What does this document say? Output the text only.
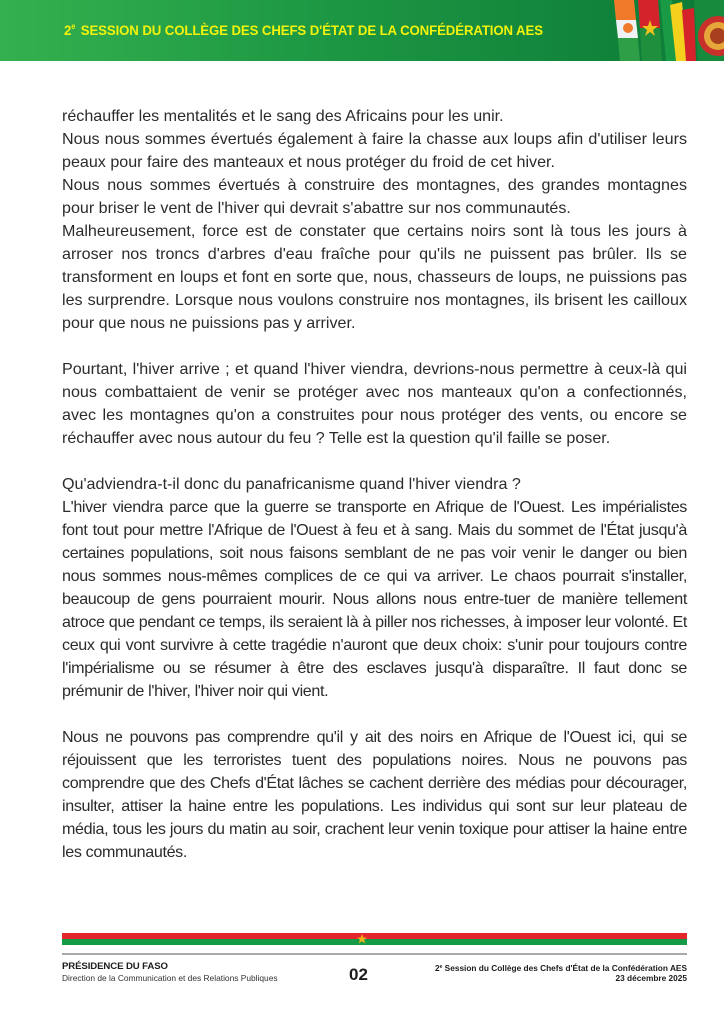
2e SESSION DU COLLÈGE DES CHEFS D'ÉTAT DE LA CONFÉDÉRATION AES

réchauffer les mentalités et le sang des Africains pour les unir.

Nous nous sommes évertués également à faire la chasse aux loups afin d'utiliser leurs peaux pour faire des manteaux et nous protéger du froid de cet hiver.

Nous nous sommes évertués à construire des montagnes, des grandes montagnes pour briser le vent de l'hiver qui devrait s'abattre sur nos communautés.

Malheureusement, force est de constater que certains noirs sont là tous les jours à arroser nos troncs d'arbres d'eau fraîche pour qu'ils ne puissent pas brûler. Ils se transforment en loups et font en sorte que, nous, chasseurs de loups, ne puissions pas les surprendre. Lorsque nous voulons construire nos montagnes, ils brisent les cailloux pour que nous ne puissions pas y arriver.

Pourtant, l'hiver arrive ; et quand l'hiver viendra, devrions-nous permettre à ceux-là qui nous combattaient de venir se protéger avec nos manteaux qu'on a confectionnés, avec les montagnes qu'on a construites pour nous protéger des vents, ou encore se réchauffer avec nous autour du feu ? Telle est la question qu'il faille se poser.

Qu'adviendra-t-il donc du panafricanisme quand l'hiver viendra ?

L'hiver viendra parce que la guerre se transporte en Afrique de l'Ouest. Les impérialistes font tout pour mettre l'Afrique de l'Ouest à feu et à sang. Mais du sommet de l'État jusqu'à certaines populations, soit nous faisons semblant de ne pas voir venir le danger ou bien nous sommes nous-mêmes complices de ce qui va arriver. Le chaos pourrait s'installer, beaucoup de gens pourraient mourir. Nous allons nous entre-tuer de manière tellement atroce que pendant ce temps, ils seraient là à piller nos richesses, à imposer leur volonté. Et ceux qui vont survivre à cette tragédie n'auront que deux choix: s'unir pour toujours contre l'impérialisme ou se résumer à être des esclaves jusqu'à disparaître. Il faut donc se prémunir de l'hiver, l'hiver noir qui vient.

Nous ne pouvons pas comprendre qu'il y ait des noirs en Afrique de l'Ouest ici, qui se réjouissent que les terroristes tuent des populations noires. Nous ne pouvons pas comprendre que des Chefs d'État lâches se cachent derrière des médias pour décourager, insulter, attiser la haine entre les populations. Les individus qui sont sur leur plateau de média, tous les jours du matin au soir, crachent leur venin toxique pour attiser la haine entre les communautés.

PRÉSIDENCE DU FASO
Direction de la Communication et des Relations Publiques	02	2e Session du Collège des Chefs d'État de la Confédération AES
23 décembre 2025
